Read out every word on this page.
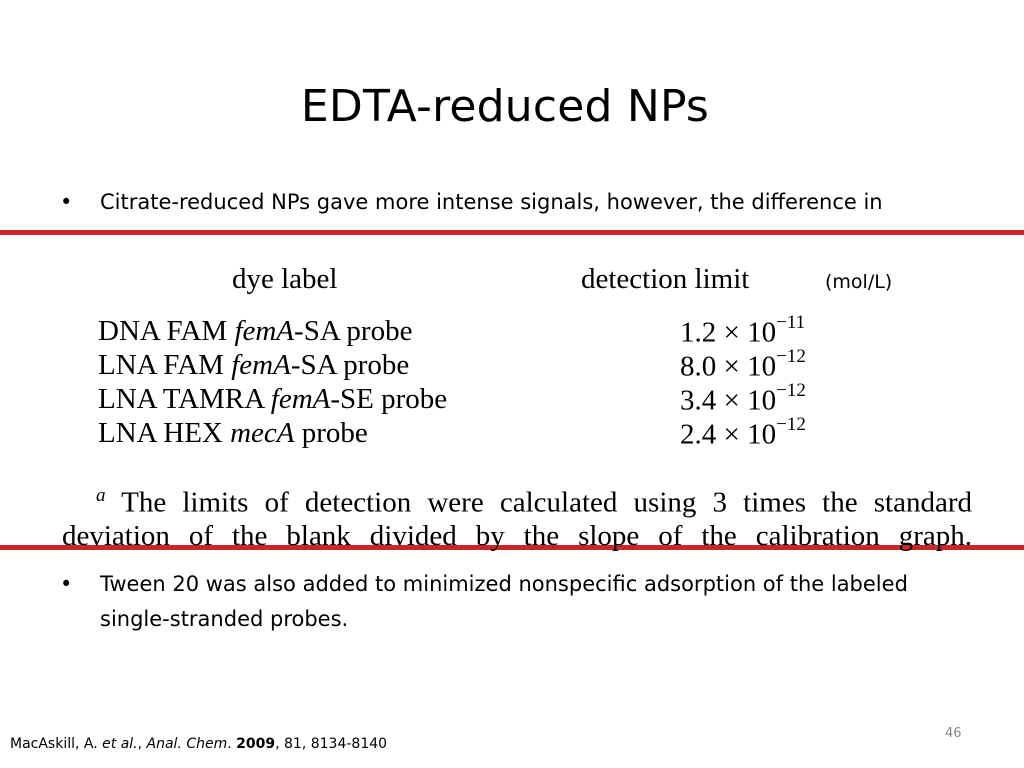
EDTA-reduced NPs
• Citrate-reduced NPs gave more intense signals, however, the difference in
dye label	detection limit	(mol/L)
DNA FAM femA-SA probe	$1.2 \times 10^{-11}$
LNA FAM femA-SA probe	$8.0 \times 10^{-12}$
LNA TAMRA femA-SE probe	$3.4 \times 10^{-12}$
LNA HEX mecA probe	$2.4 \times 10^{-12}$
$^a$ The limits of detection were calculated using 3 times the standard
deviation of the blank divided by the slope of the calibration graph.
• Tween 20 was also added to minimized nonspecific adsorption of the labeled single-stranded probes.
MacAskill, A. et al., Anal. Chem. 2009, 81, 8134-8140
46
